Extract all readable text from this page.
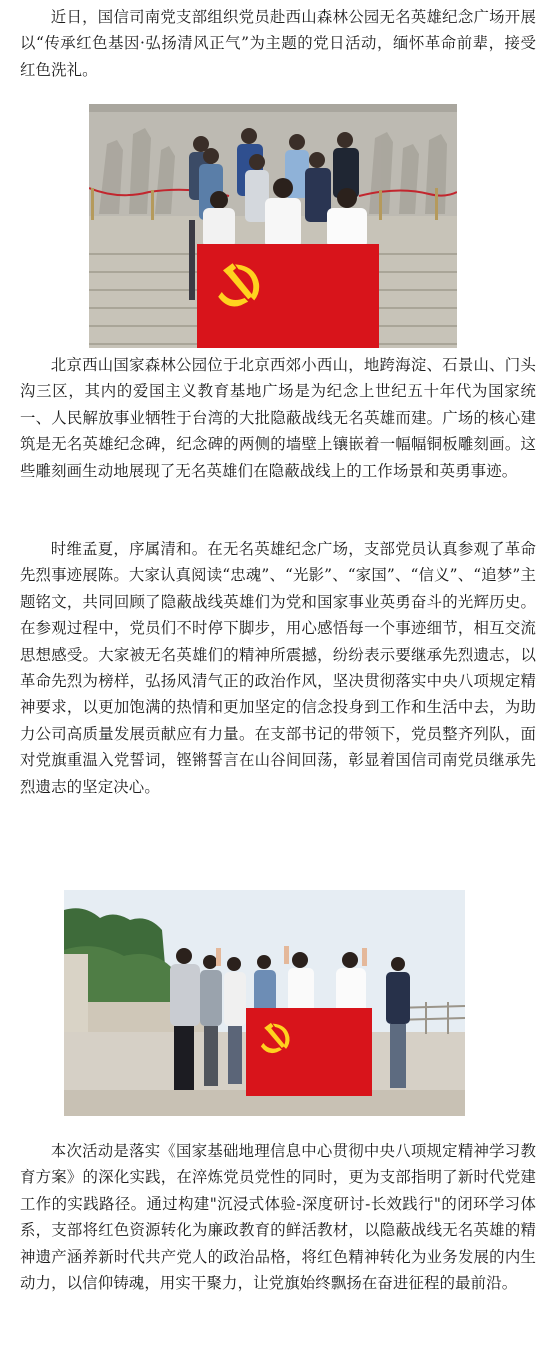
近日，国信司南党支部组织党员赴西山森林公园无名英雄纪念广场开展以“传承红色基因·弘扬清风正气”为主题的党日活动，缅怀革命前辈，接受红色洗礼。

北京西山国家森林公园位于北京西郊小西山，地跨海淀、石景山、门头沟三区，其内的爱国主义教育基地广场是为纪念上世纪五十年代为国家统一、人民解放事业牺牲于台湾的大批隐蔽战线无名英雄而建。广场的核心建筑是无名英雄纪念碑，纪念碑的两侧的墙壁上镶嵌着一幅幅铜板雕刻画。这些雕刻画生动地展现了无名英雄们在隐蔽战线上的工作场景和英勇事迹。

时维孟夏，序属清和。在无名英雄纪念广场，支部党员认真参观了革命先烈事迹展陈。大家认真阅读“忠魂”、“光影”、“家国”、“信义”、“追梦”主题铭文，共同回顾了隐蔽战线英雄们为党和国家事业英勇奋斗的光辉历史。在参观过程中，党员们不时停下脚步，用心感悟每一个事迹细节，相互交流思想感受。大家被无名英雄们的精神所震撼，纷纷表示要继承先烈遗志，以革命先烈为榜样，弘扬风清气正的政治作风，坚决贯彻落实中央八项规定精神要求，以更加饱满的热情和更加坚定的信念投身到工作和生活中去，为助力公司高质量发展贡献应有力量。在支部书记的带领下，党员整齐列队，面对党旗重温入党誓词，铿锵誓言在山谷间回荡，彰显着国信司南党员继承先烈遗志的坚定决心。

本次活动是落实《国家基础地理信息中心贯彻中央八项规定精神学习教育方案》的深化实践，在淬炼党员党性的同时，更为支部指明了新时代党建工作的实践路径。通过构建"沉浸式体验-深度研讨-长效践行"的闭环学习体系，支部将红色资源转化为廉政教育的鲜活教材，以隐蔽战线无名英雄的精神遗产涵养新时代共产党人的政治品格，将红色精神转化为业务发展的内生动力，以信仰铸魂，用实干聚力，让党旗始终飘扬在奋进征程的最前沿。
